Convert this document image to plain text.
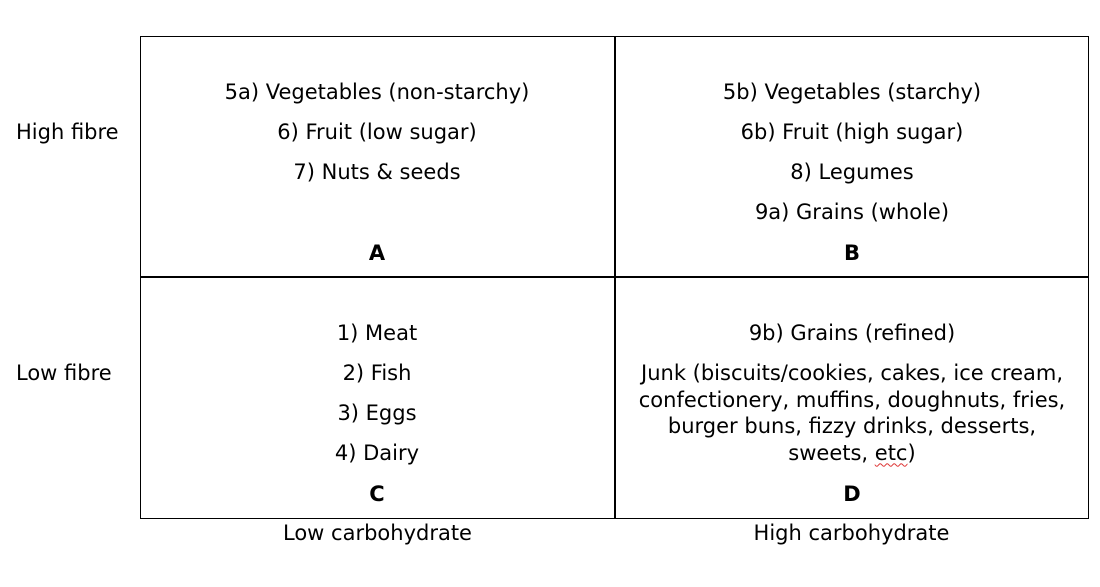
High fibre
Low fibre
5a) Vegetables (non-starchy)
6) Fruit (low sugar)
7) Nuts & seeds
A
5b) Vegetables (starchy)
6b) Fruit (high sugar)
8) Legumes
9a) Grains (whole)
B
1) Meat
2) Fish
3) Eggs
4) Dairy
C
9b) Grains (refined)
Junk (biscuits/cookies, cakes, ice cream, confectionery, muffins, doughnuts, fries, burger buns, fizzy drinks, desserts, sweets, etc)
D
Low carbohydrate	High carbohydrate
